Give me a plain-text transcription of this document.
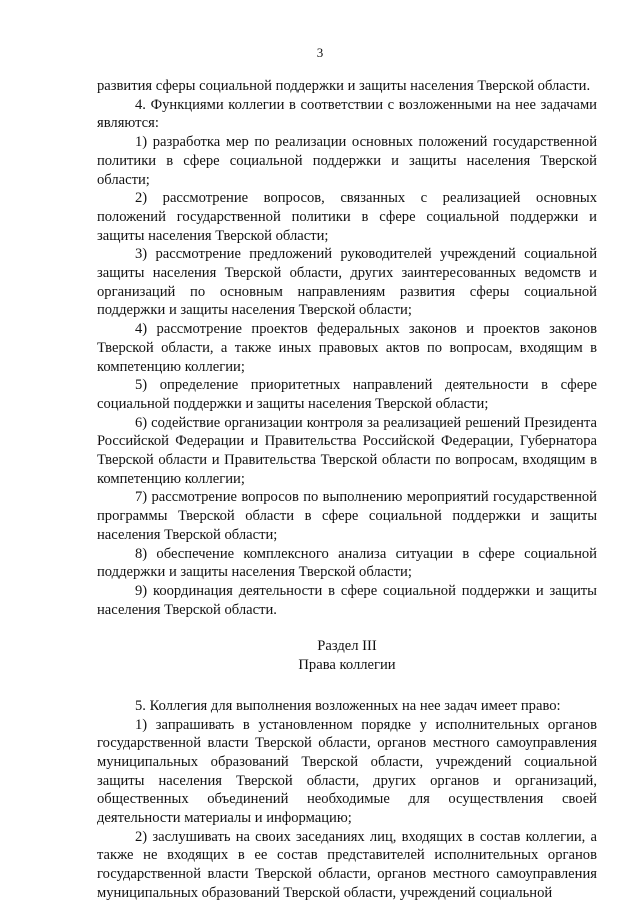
3

развития сферы социальной поддержки и защиты населения Тверской области.

4. Функциями коллегии в соответствии с возложенными на нее задачами являются:

1) разработка мер по реализации основных положений государственной политики в сфере социальной поддержки и защиты населения Тверской области;

2) рассмотрение вопросов, связанных с реализацией основных положений государственной политики в сфере социальной поддержки и защиты населения Тверской области;

3) рассмотрение предложений руководителей учреждений социальной защиты населения Тверской области, других заинтересованных ведомств и организаций по основным направлениям развития сферы социальной поддержки и защиты населения Тверской области;

4) рассмотрение проектов федеральных законов и проектов законов Тверской области, а также иных правовых актов по вопросам, входящим в компетенцию коллегии;

5) определение приоритетных направлений деятельности в сфере социальной поддержки и защиты населения Тверской области;

6) содействие организации контроля за реализацией решений Президента Российской Федерации и Правительства Российской Федерации, Губернатора Тверской области и Правительства Тверской области по вопросам, входящим в компетенцию коллегии;

7) рассмотрение вопросов по выполнению мероприятий государственной программы Тверской области в сфере социальной поддержки и защиты населения Тверской области;

8) обеспечение комплексного анализа ситуации в сфере социальной поддержки и защиты населения Тверской области;

9) координация деятельности в сфере социальной поддержки и защиты населения Тверской области.

Раздел III

Права коллегии

5. Коллегия для выполнения возложенных на нее задач имеет право:

1) запрашивать в установленном порядке у исполнительных органов государственной власти Тверской области, органов местного самоуправления муниципальных образований Тверской области, учреждений социальной защиты населения Тверской области, других органов и организаций, общественных объединений необходимые для осуществления своей деятельности материалы и информацию;

2) заслушивать на своих заседаниях лиц, входящих в состав коллегии, а также не входящих в ее состав представителей исполнительных органов государственной власти Тверской области, органов местного самоуправления муниципальных образований Тверской области, учреждений социальной
